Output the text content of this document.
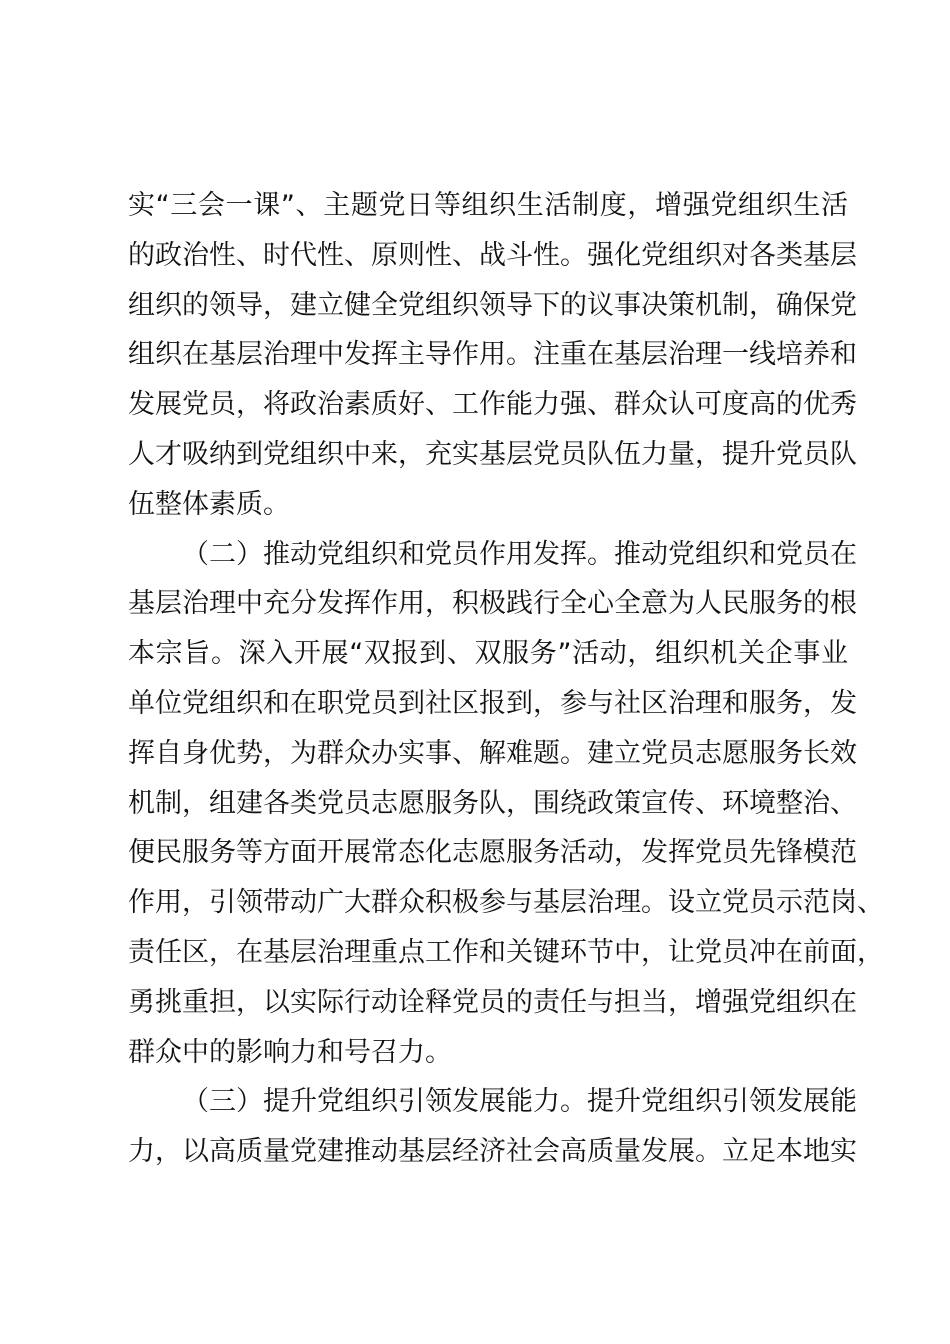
实“三会一课”、主题党日等组织生活制度，增强党组织生活
的政治性、时代性、原则性、战斗性。强化党组织对各类基层
组织的领导，建立健全党组织领导下的议事决策机制，确保党
组织在基层治理中发挥主导作用。注重在基层治理一线培养和
发展党员，将政治素质好、工作能力强、群众认可度高的优秀
人才吸纳到党组织中来，充实基层党员队伍力量，提升党员队
伍整体素质。
（二）推动党组织和党员作用发挥。推动党组织和党员在
基层治理中充分发挥作用，积极践行全心全意为人民服务的根
本宗旨。深入开展“双报到、双服务”活动，组织机关企事业
单位党组织和在职党员到社区报到，参与社区治理和服务，发
挥自身优势，为群众办实事、解难题。建立党员志愿服务长效
机制，组建各类党员志愿服务队，围绕政策宣传、环境整治、
便民服务等方面开展常态化志愿服务活动，发挥党员先锋模范
作用，引领带动广大群众积极参与基层治理。设立党员示范岗、
责任区，在基层治理重点工作和关键环节中，让党员冲在前面，
勇挑重担，以实际行动诠释党员的责任与担当，增强党组织在
群众中的影响力和号召力。
（三）提升党组织引领发展能力。提升党组织引领发展能
力，以高质量党建推动基层经济社会高质量发展。立足本地实
